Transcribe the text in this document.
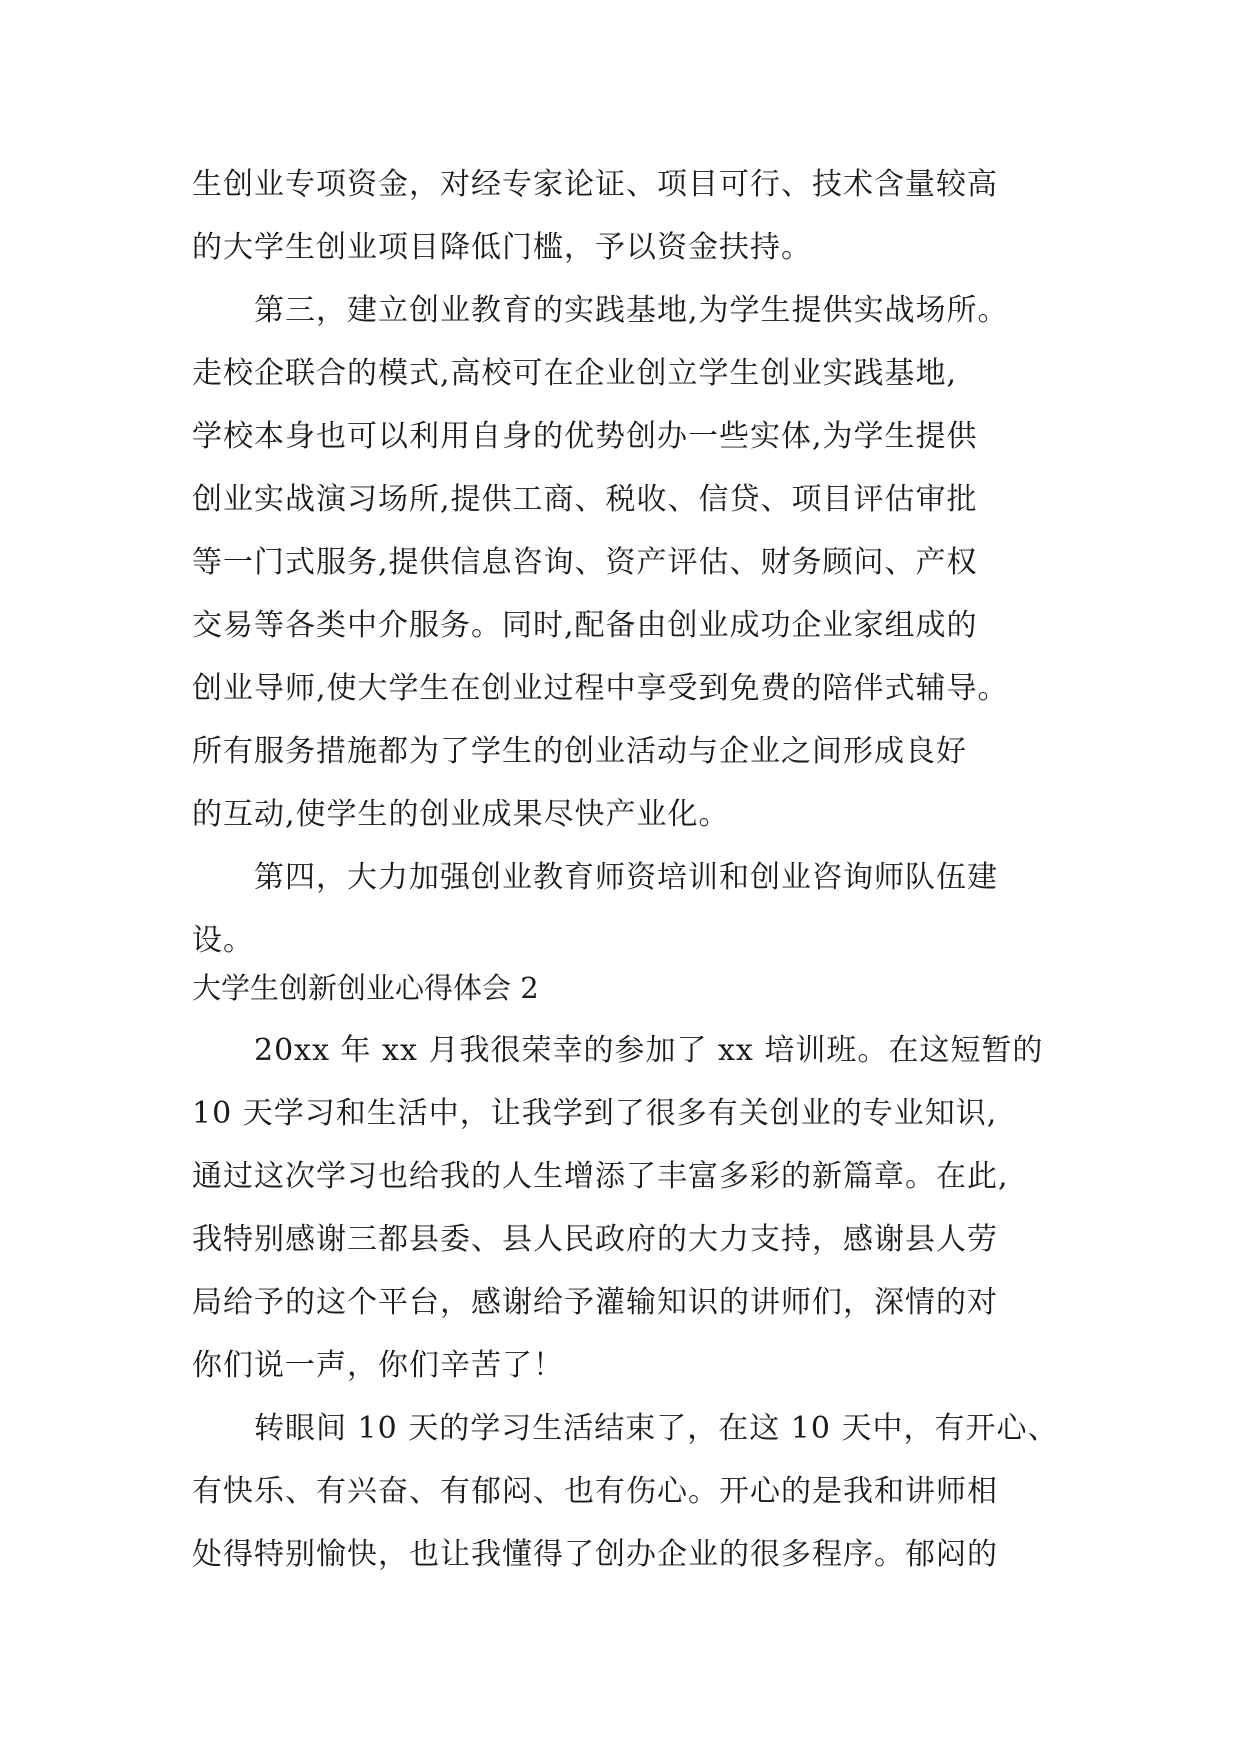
生创业专项资金，对经专家论证、项目可行、技术含量较高
的大学生创业项目降低门槛，予以资金扶持。
　　第三，建立创业教育的实践基地,为学生提供实战场所。
走校企联合的模式,高校可在企业创立学生创业实践基地,
学校本身也可以利用自身的优势创办一些实体,为学生提供
创业实战演习场所,提供工商、税收、信贷、项目评估审批
等一门式服务,提供信息咨询、资产评估、财务顾问、产权
交易等各类中介服务。同时,配备由创业成功企业家组成的
创业导师,使大学生在创业过程中享受到免费的陪伴式辅导。
所有服务措施都为了学生的创业活动与企业之间形成良好
的互动,使学生的创业成果尽快产业化。
　　第四，大力加强创业教育师资培训和创业咨询师队伍建
设。
大学生创新创业心得体会 2
　　20xx 年 xx 月我很荣幸的参加了 xx 培训班。在这短暂的
10 天学习和生活中，让我学到了很多有关创业的专业知识,
通过这次学习也给我的人生增添了丰富多彩的新篇章。在此,
我特别感谢三都县委、县人民政府的大力支持，感谢县人劳
局给予的这个平台，感谢给予灌输知识的讲师们，深情的对
你们说一声，你们辛苦了！
　　转眼间 10 天的学习生活结束了，在这 10 天中，有开心、
有快乐、有兴奋、有郁闷、也有伤心。开心的是我和讲师相
处得特别愉快，也让我懂得了创办企业的很多程序。郁闷的
